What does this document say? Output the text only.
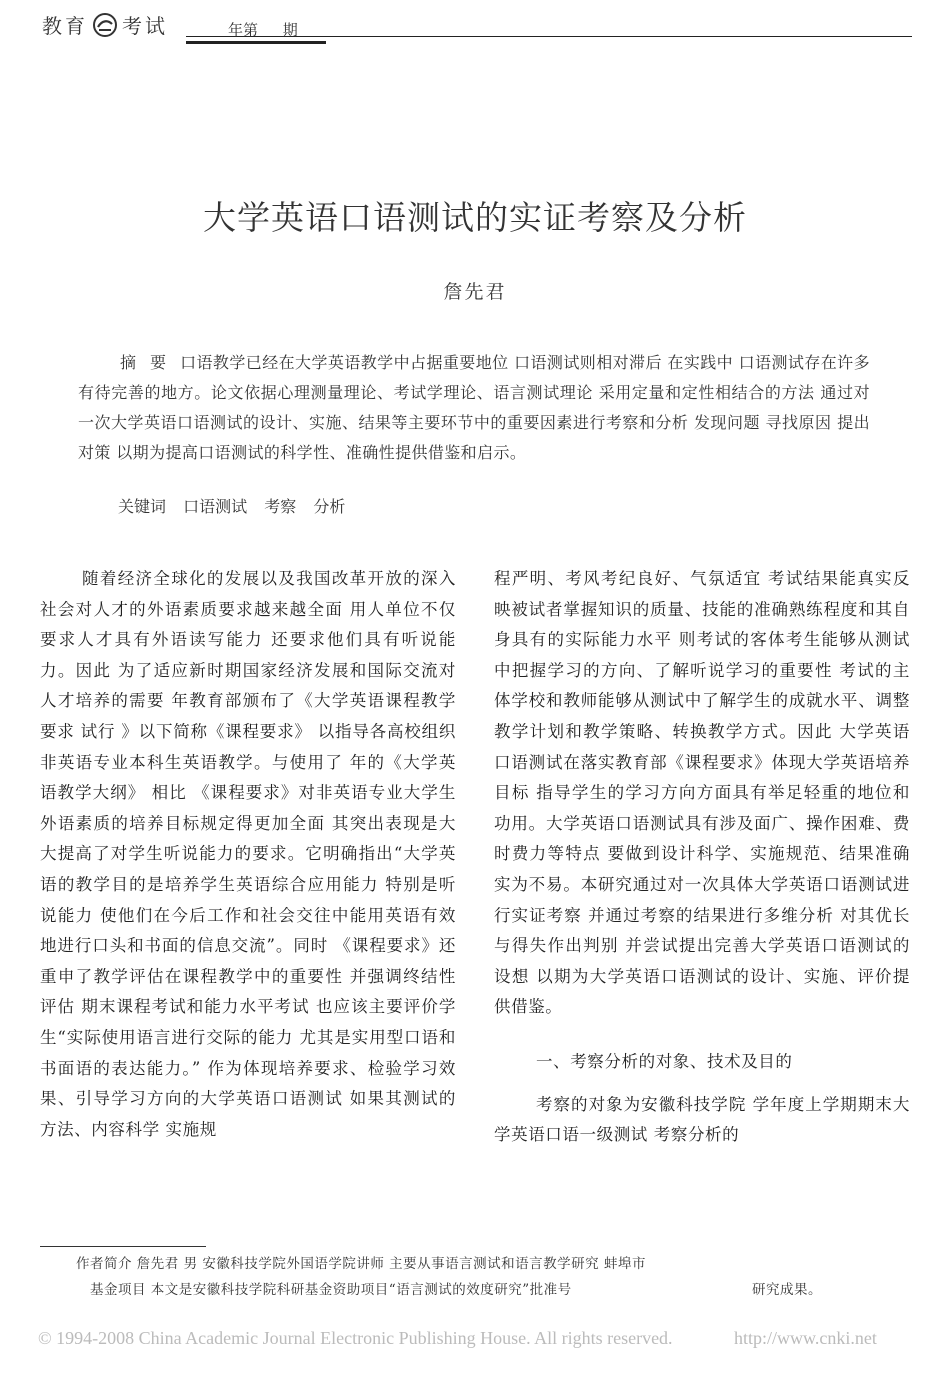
教育 考试	年第 期
大学英语口语测试的实证考察及分析
詹先君

摘要口语教学已经在大学英语教学中占据重要地位 口语测试则相对滞后 在实践中 口语测试存在许多有待完善的地方。论文依据心理测量理论、考试学理论、语言测试理论 采用定量和定性相结合的方法 通过对一次大学英语口语测试的设计、实施、结果等主要环节中的重要因素进行考察和分析 发现问题 寻找原因 提出对策 以期为提高口语测试的科学性、准确性提供借鉴和启示。

关键词 口语测试 考察 分析

随着经济全球化的发展以及我国改革开放的深入 社会对人才的外语素质要求越来越全面 用人单位不仅要求人才具有外语读写能力 还要求他们具有听说能力。因此 为了适应新时期国家经济发展和国际交流对人才培养的需要 年教育部颁布了《大学英语课程教学要求 试行 》以下简称《课程要求》 以指导各高校组织非英语专业本科生英语教学。与使用了 年的《大学英语教学大纲》 相比 《课程要求》对非英语专业大学生外语素质的培养目标规定得更加全面 其突出表现是大大提高了对学生听说能力的要求。它明确指出“大学英语的教学目的是培养学生英语综合应用能力 特别是听说能力 使他们在今后工作和社会交往中能用英语有效地进行口头和书面的信息交流”。同时 《课程要求》还重申了教学评估在课程教学中的重要性 并强调终结性评估 期末课程考试和能力水平考试 也应该主要评价学生“实际使用语言进行交际的能力 尤其是实用型口语和书面语的表达能力。” 作为体现培养要求、检验学习效果、引导学习方向的大学英语口语测试 如果其测试的方法、内容科学 实施规

程严明、考风考纪良好、气氛适宜 考试结果能真实反映被试者掌握知识的质量、技能的准确熟练程度和其自身具有的实际能力水平 则考试的客体考生能够从测试中把握学习的方向、了解听说学习的重要性 考试的主体学校和教师能够从测试中了解学生的成就水平、调整教学计划和教学策略、转换教学方式。因此 大学英语口语测试在落实教育部《课程要求》体现大学英语培养目标 指导学生的学习方向方面具有举足轻重的地位和功用。大学英语口语测试具有涉及面广、操作困难、费时费力等特点 要做到设计科学、实施规范、结果准确实为不易。本研究通过对一次具体大学英语口语测试进行实证考察 并通过考察的结果进行多维分析 对其优长与得失作出判别 并尝试提出完善大学英语口语测试的设想 以期为大学英语口语测试的设计、实施、评价提供借鉴。

一、考察分析的对象、技术及目的

考察的对象为安徽科技学院 学年度上学期期末大学英语口语一级测试 考察分析的

作者简介 詹先君 男 安徽科技学院外国语学院讲师 主要从事语言测试和语言教学研究 蚌埠市
基金项目 本文是安徽科技学院科研基金资助项目“语言测试的效度研究”批准号	研究成果。
© 1994-2008 China Academic Journal Electronic Publishing House. All rights reserved.	http://www.cnki.net
